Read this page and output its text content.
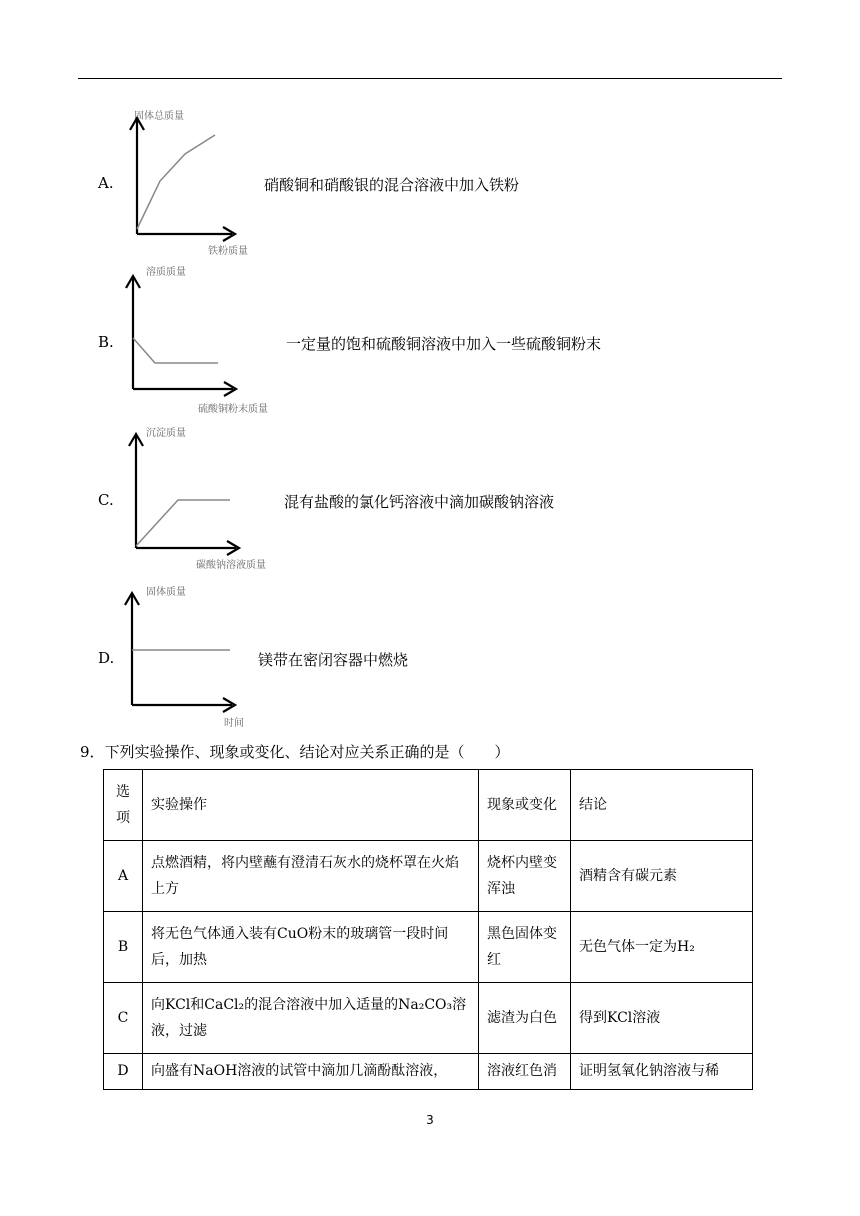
A.
固体总质量
铁粉质量
硝酸铜和硝酸银的混合溶液中加入铁粉
B.
溶质质量
硫酸铜粉末质量
一定量的饱和硫酸铜溶液中加入一些硫酸铜粉末
C.
沉淀质量
碳酸钠溶液质量
混有盐酸的氯化钙溶液中滴加碳酸钠溶液
D.
固体质量
时间
镁带在密闭容器中燃烧
9．下列实验操作、现象或变化、结论对应关系正确的是（　　）
选项	实验操作	现象或变化	结论
A	点燃酒精，将内壁蘸有澄清石灰水的烧杯罩在火焰上方	烧杯内壁变浑浊	酒精含有碳元素
B	将无色气体通入装有CuO粉末的玻璃管一段时间后，加热	黑色固体变红	无色气体一定为H₂
C	向KCl和CaCl₂的混合溶液中加入适量的Na₂CO₃溶液，过滤	滤渣为白色	得到KCl溶液
D	向盛有NaOH溶液的试管中滴加几滴酚酞溶液，	溶液红色消	证明氢氧化钠溶液与稀
3
